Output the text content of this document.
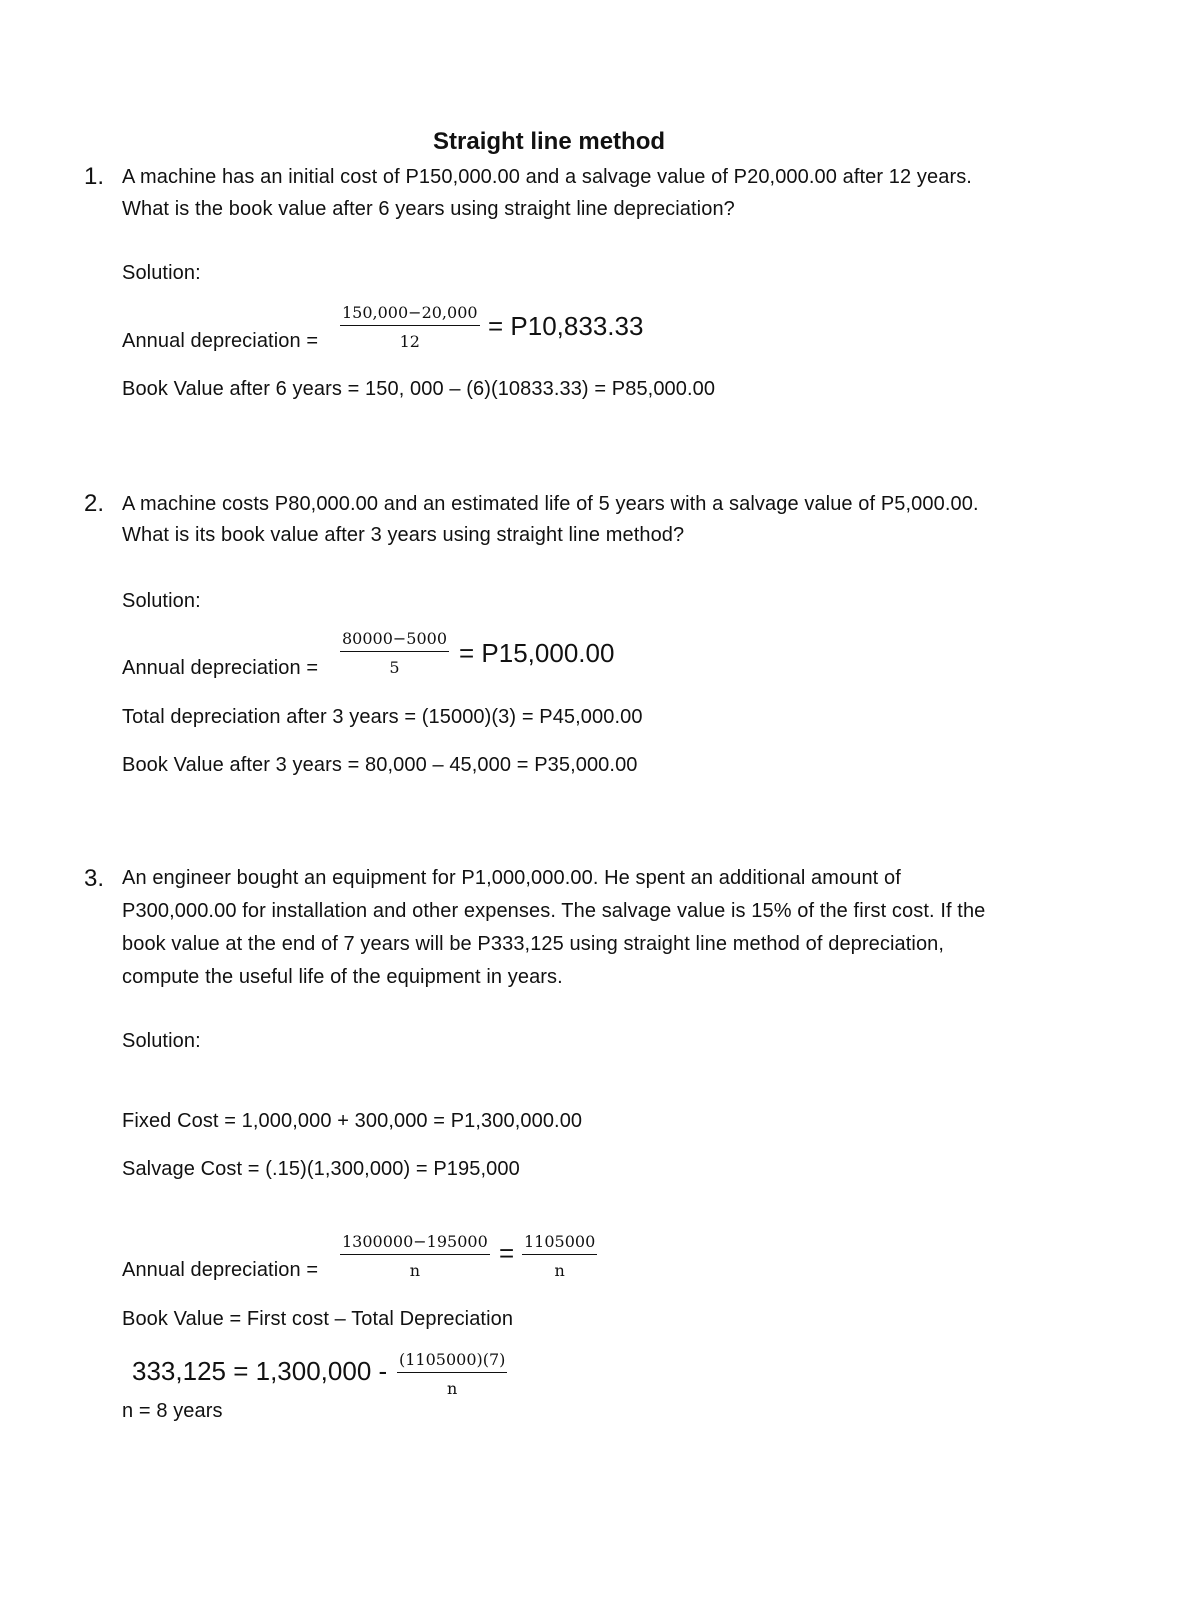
Straight line method
1. A machine has an initial cost of P150,000.00 and a salvage value of P20,000.00 after 12 years.
What is the book value after 6 years using straight line depreciation?
Solution:
Annual depreciation = $\frac{150,000-20,000}{12} = P10,833.33$
Book Value after 6 years = 150, 000 – (6)(10833.33) = P85,000.00
2. A machine costs P80,000.00 and an estimated life of 5 years with a salvage value of P5,000.00.
What is its book value after 3 years using straight line method?
Solution:
Annual depreciation = $\frac{80000-5000}{5} = P15,000.00$
Total depreciation after 3 years = (15000)(3) = P45,000.00
Book Value after 3 years = 80,000 – 45,000 = P35,000.00
3. An engineer bought an equipment for P1,000,000.00. He spent an additional amount of
P300,000.00 for installation and other expenses. The salvage value is 15% of the first cost. If the
book value at the end of 7 years will be P333,125 using straight line method of depreciation,
compute the useful life of the equipment in years.
Solution:
Fixed Cost = 1,000,000 + 300,000 = P1,300,000.00
Salvage Cost = (.15)(1,300,000) = P195,000
Annual depreciation = $\frac{1300000-195000}{n} = \frac{1105000}{n}$
Book Value = First cost – Total Depreciation
$333,125 = 1,300,000 - \frac{(1105000)(7)}{n}$
n = 8 years
